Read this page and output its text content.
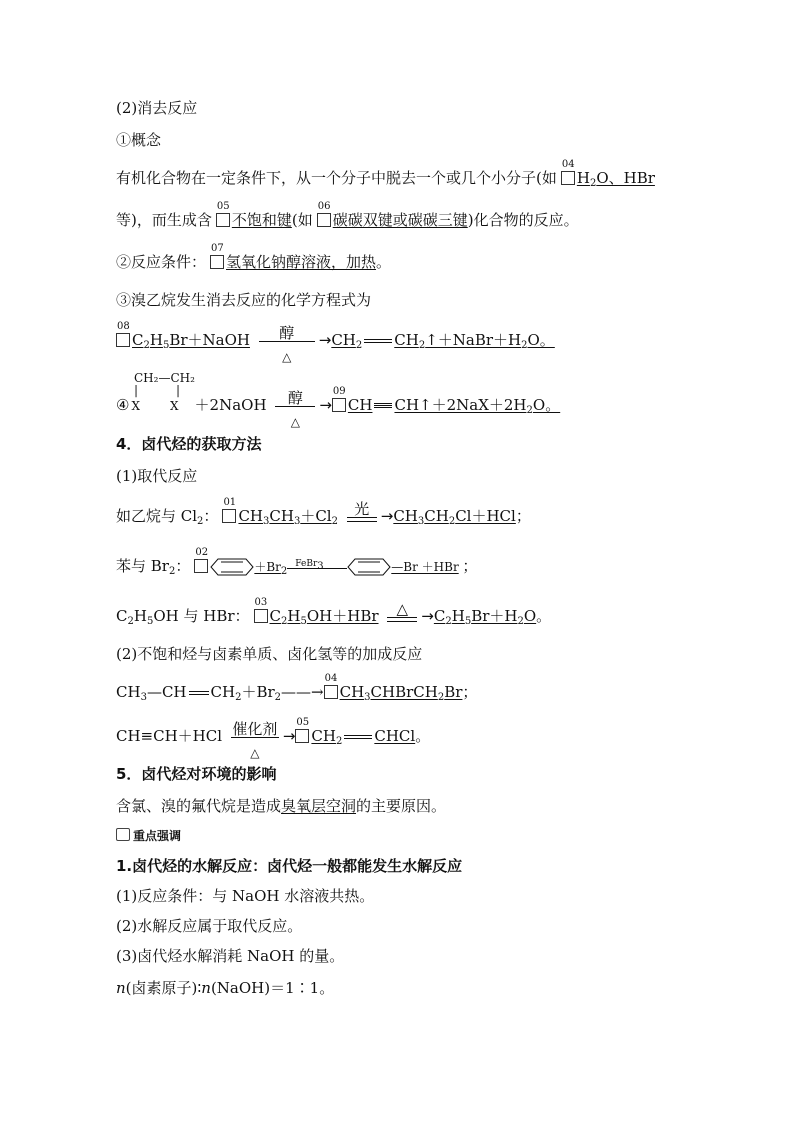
(2)消去反应
①概念
有机化合物在一定条件下，从一个分子中脱去一个或几个小分子(如
04
$H_2O$、HBr
等)，而生成含
05
不饱和键(如
06
碳碳双键或碳碳三键)化合物的反应。
②反应条件：
07
氢氧化钠醇溶液，加热。
③溴乙烷发生消去反应的化学方程式为
08
$C_2H_5Br+NaOH$	醇
△
$\to CH_2$ $CH_2↑+NaBr+H_2O$。
CH₂—CH₂
|	|
④ X	X ＋2NaOH	醇
△
→
09
CH $CH↑+2NaX+2H_2O$。
4．卤代烃的获取方法
(1)取代反应
如乙烷与 $Cl_2$：
01
$CH_3CH_3+Cl_2$
光 $\to CH_3CH_2Cl+HCl$；
苯与 $Br_2$：
02
$+Br_2$
FeBr$_3$	—Br ＋HBr ；
$C_2H_5OH$ 与 HBr：
03
$C_2H_5OH+HBr$	△ $\to C_2H_5Br+H_2O$。
(2)不饱和烃与卤素单质、卤化氢等的加成反应
$CH_3—CH$ $CH_2+Br_2——\to$
04
$CH_3CHBrCH_2Br$；
CH≡CH＋HCl 催化剂
△
→
05
$CH_2$ CHCl。
5．卤代烃对环境的影响
含氯、溴的氟代烷是造成臭氧层空洞的主要原因。
重点强调
1.卤代烃的水解反应：卤代烃一般都能发生水解反应
(1)反应条件：与 NaOH 水溶液共热。
(2)水解反应属于取代反应。
(3)卤代烃水解消耗 NaOH 的量。
n(卤素原子)∶n(NaOH)＝1∶1。
